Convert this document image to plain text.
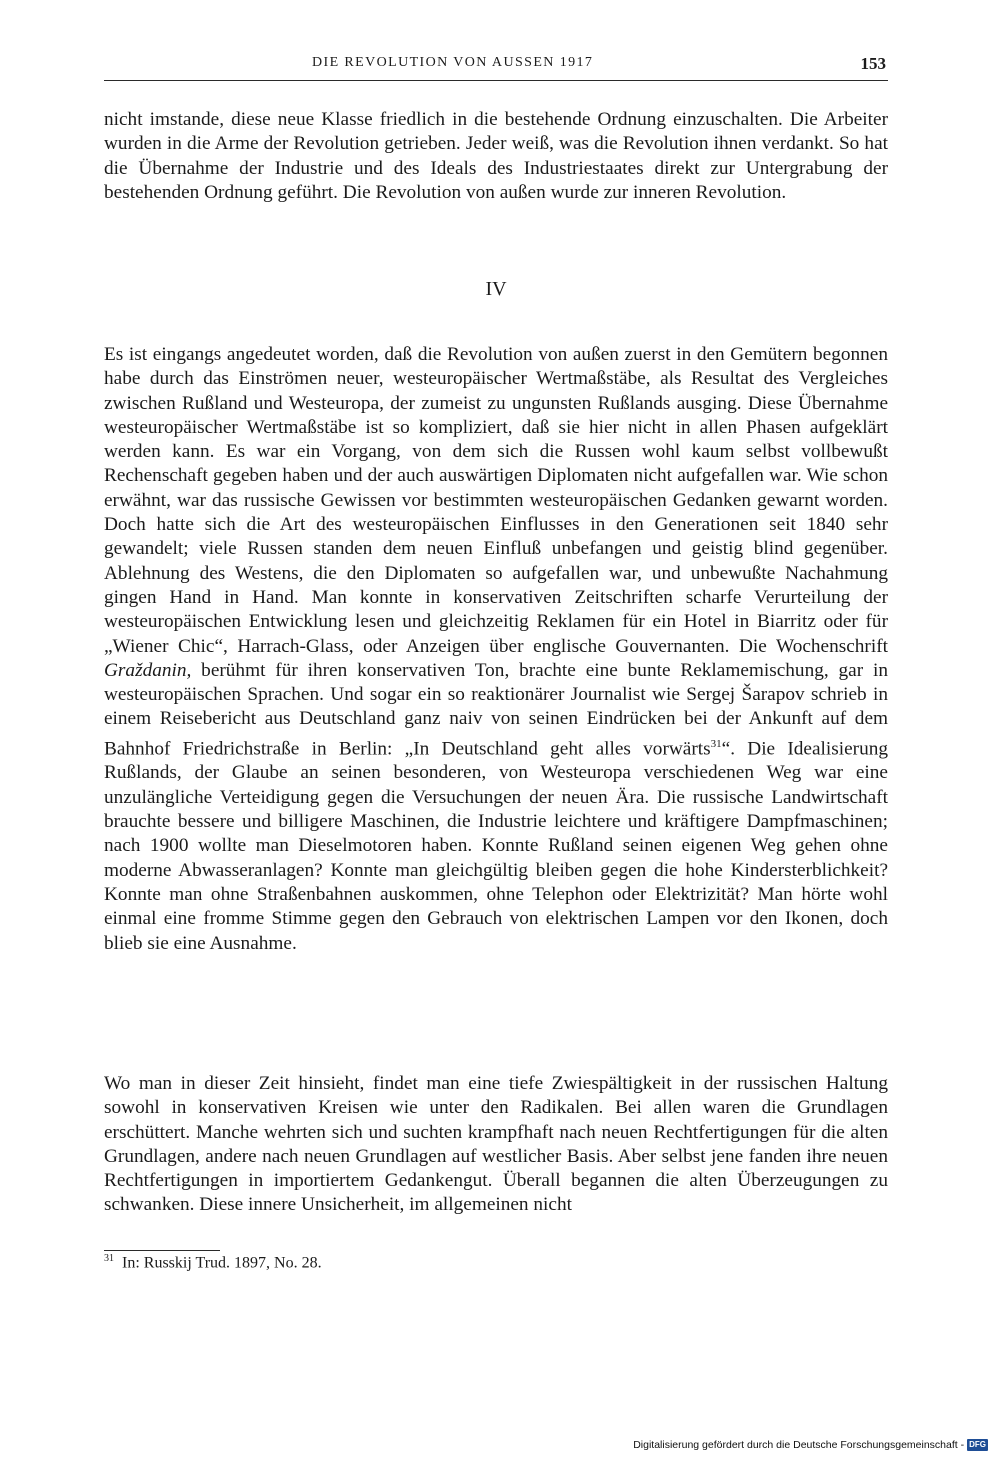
DIE REVOLUTION VON AUSSEN 1917	153

nicht imstande, diese neue Klasse friedlich in die bestehende Ordnung einzuschalten. Die Arbeiter wurden in die Arme der Revolution getrieben. Jeder weiß, was die Revolution ihnen verdankt. So hat die Übernahme der Industrie und des Ideals des Industriestaates direkt zur Untergrabung der bestehenden Ordnung geführt. Die Revolution von außen wurde zur inneren Revolution.

IV

Es ist eingangs angedeutet worden, daß die Revolution von außen zuerst in den Gemütern begonnen habe durch das Einströmen neuer, westeuropäischer Wertmaßstäbe, als Resultat des Vergleiches zwischen Rußland und Westeuropa, der zumeist zu ungunsten Rußlands ausging. Diese Übernahme westeuropäischer Wertmaßstäbe ist so kompliziert, daß sie hier nicht in allen Phasen aufgeklärt werden kann. Es war ein Vorgang, von dem sich die Russen wohl kaum selbst vollbewußt Rechenschaft gegeben haben und der auch auswärtigen Diplomaten nicht aufgefallen war. Wie schon erwähnt, war das russische Gewissen vor bestimmten westeuropäischen Gedanken gewarnt worden. Doch hatte sich die Art des westeuropäischen Einflusses in den Generationen seit 1840 sehr gewandelt; viele Russen standen dem neuen Einfluß unbefangen und geistig blind gegenüber. Ablehnung des Westens, die den Diplomaten so aufgefallen war, und unbewußte Nachahmung gingen Hand in Hand. Man konnte in konservativen Zeitschriften scharfe Verurteilung der westeuropäischen Entwicklung lesen und gleichzeitig Reklamen für ein Hotel in Biarritz oder für „Wiener Chic“, Harrach-Glass, oder Anzeigen über englische Gouvernanten. Die Wochenschrift Graždanin, berühmt für ihren konservativen Ton, brachte eine bunte Reklamemischung, gar in westeuropäischen Sprachen. Und sogar ein so reaktionärer Journalist wie Sergej Šarapov schrieb in einem Reisebericht aus Deutschland ganz naiv von seinen Eindrücken bei der Ankunft auf dem Bahnhof Friedrichstraße in Berlin: „In Deutschland geht alles vorwärts$^{31}$“. Die Idealisierung Rußlands, der Glaube an seinen besonderen, von Westeuropa verschiedenen Weg war eine unzulängliche Verteidigung gegen die Versuchungen der neuen Ära. Die russische Landwirtschaft brauchte bessere und billigere Maschinen, die Industrie leichtere und kräftigere Dampfmaschinen; nach 1900 wollte man Dieselmotoren haben. Konnte Rußland seinen eigenen Weg gehen ohne moderne Abwasseranlagen? Konnte man gleichgültig bleiben gegen die hohe Kindersterblichkeit? Konnte man ohne Straßenbahnen auskommen, ohne Telephon oder Elektrizität? Man hörte wohl einmal eine fromme Stimme gegen den Gebrauch von elektrischen Lampen vor den Ikonen, doch blieb sie eine Ausnahme.

Wo man in dieser Zeit hinsieht, findet man eine tiefe Zwiespältigkeit in der russischen Haltung sowohl in konservativen Kreisen wie unter den Radikalen. Bei allen waren die Grundlagen erschüttert. Manche wehrten sich und suchten krampfhaft nach neuen Rechtfertigungen für die alten Grundlagen, andere nach neuen Grundlagen auf westlicher Basis. Aber selbst jene fanden ihre neuen Rechtfertigungen in importiertem Gedankengut. Überall begannen die alten Überzeugungen zu schwanken. Diese innere Unsicherheit, im allgemeinen nicht

$^{31}$ In: Russkij Trud. 1897, No. 28.
Digitalisierung gefördert durch die Deutsche Forschungsgemeinschaft - DFG
